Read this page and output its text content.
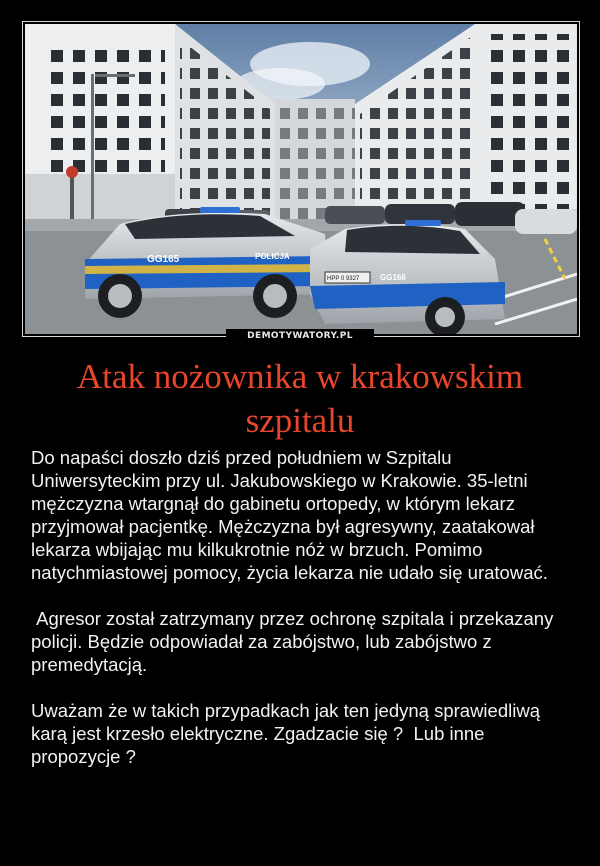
GG165	POLICJA
HPP 0 9327	GG166
DEMOTYWATORY.PL
Atak nożownika w krakowskim szpitalu

Do napaści doszło dziś przed południem w Szpitalu Uniwersyteckim przy ul. Jakubowskiego w Krakowie. 35-letni mężczyzna wtargnął do gabinetu ortopedy, w którym lekarz przyjmował pacjentkę. Mężczyzna był agresywny, zaatakował lekarza wbijając mu kilkukrotnie nóż w brzuch. Pomimo natychmiastowej pomocy, życia lekarza nie udało się uratować.

Agresor został zatrzymany przez ochronę szpitala i przekazany policji. Będzie odpowiadał za zabójstwo, lub zabójstwo z premedytacją.

Uważam że w takich przypadkach jak ten jedyną sprawiedliwą karą jest krzesło elektryczne. Zgadzacie się ?  Lub inne propozycje ?
